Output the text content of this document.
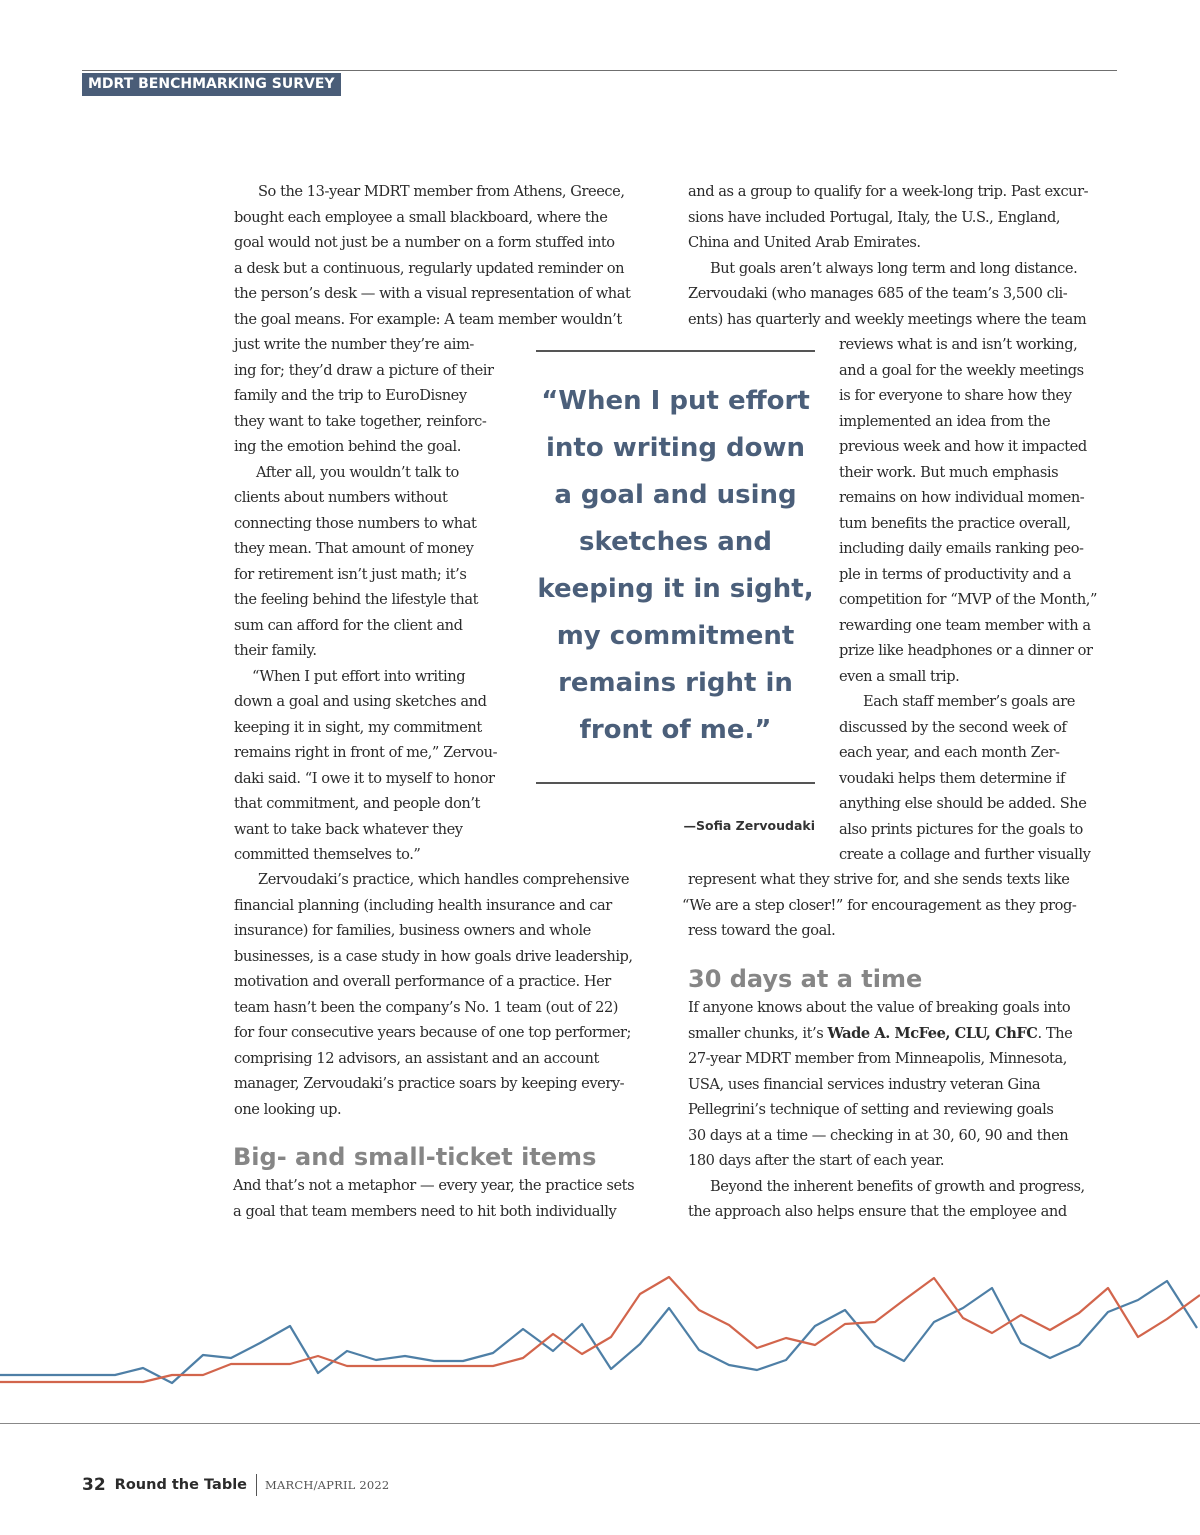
MDRT BENCHMARKING SURVEY
So the 13-year MDRT member from Athens, Greece,
bought each employee a small blackboard, where the
goal would not just be a number on a form stuffed into
a desk but a continuous, regularly updated reminder on
the person’s desk — with a visual representation of what
the goal means. For example: A team member wouldn’t
just write the number they’re aim-
ing for; they’d draw a picture of their
family and the trip to EuroDisney
they want to take together, reinforc-
ing the emotion behind the goal.
After all, you wouldn’t talk to
clients about numbers without
connecting those numbers to what
they mean. That amount of money
for retirement isn’t just math; it’s
the feeling behind the lifestyle that
sum can afford for the client and
their family.
“When I put effort into writing
down a goal and using sketches and
keeping it in sight, my commitment
remains right in front of me,” Zervou-
daki said. “I owe it to myself to honor
that commitment, and people don’t
want to take back whatever they
committed themselves to.”
Zervoudaki’s practice, which handles comprehensive
financial planning (including health insurance and car
insurance) for families, business owners and whole
businesses, is a case study in how goals drive leadership,
motivation and overall performance of a practice. Her
team hasn’t been the company’s No. 1 team (out of 22)
for four consecutive years because of one top performer;
comprising 12 advisors, an assistant and an account
manager, Zervoudaki’s practice soars by keeping every-
one looking up.
Big- and small-ticket items
And that’s not a metaphor — every year, the practice sets
a goal that team members need to hit both individually
and as a group to qualify for a week-long trip. Past excur-
sions have included Portugal, Italy, the U.S., England,
China and United Arab Emirates.
But goals aren’t always long term and long distance.
Zervoudaki (who manages 685 of the team’s 3,500 cli-
ents) has quarterly and weekly meetings where the team
reviews what is and isn’t working,
and a goal for the weekly meetings
is for everyone to share how they
implemented an idea from the
previous week and how it impacted
their work. But much emphasis
remains on how individual momen-
tum benefits the practice overall,
including daily emails ranking peo-
ple in terms of productivity and a
competition for “MVP of the Month,”
rewarding one team member with a
prize like headphones or a dinner or
even a small trip.
Each staff member’s goals are
discussed by the second week of
each year, and each month Zer-
voudaki helps them determine if
anything else should be added. She
also prints pictures for the goals to
create a collage and further visually
represent what they strive for, and she sends texts like
“We are a step closer!” for encouragement as they prog-
ress toward the goal.
30 days at a time
If anyone knows about the value of breaking goals into
smaller chunks, it’s Wade A. McFee, CLU, ChFC. The
27-year MDRT member from Minneapolis, Minnesota,
USA, uses financial services industry veteran Gina
Pellegrini’s technique of setting and reviewing goals
30 days at a time — checking in at 30, 60, 90 and then
180 days after the start of each year.
Beyond the inherent benefits of growth and progress,
the approach also helps ensure that the employee and
“When I put effort
into writing down
a goal and using
sketches and
keeping it in sight,
my commitment
remains right in
front of me.”
—Sofia Zervoudaki
32 Round the Table MARCH/APRIL 2022
